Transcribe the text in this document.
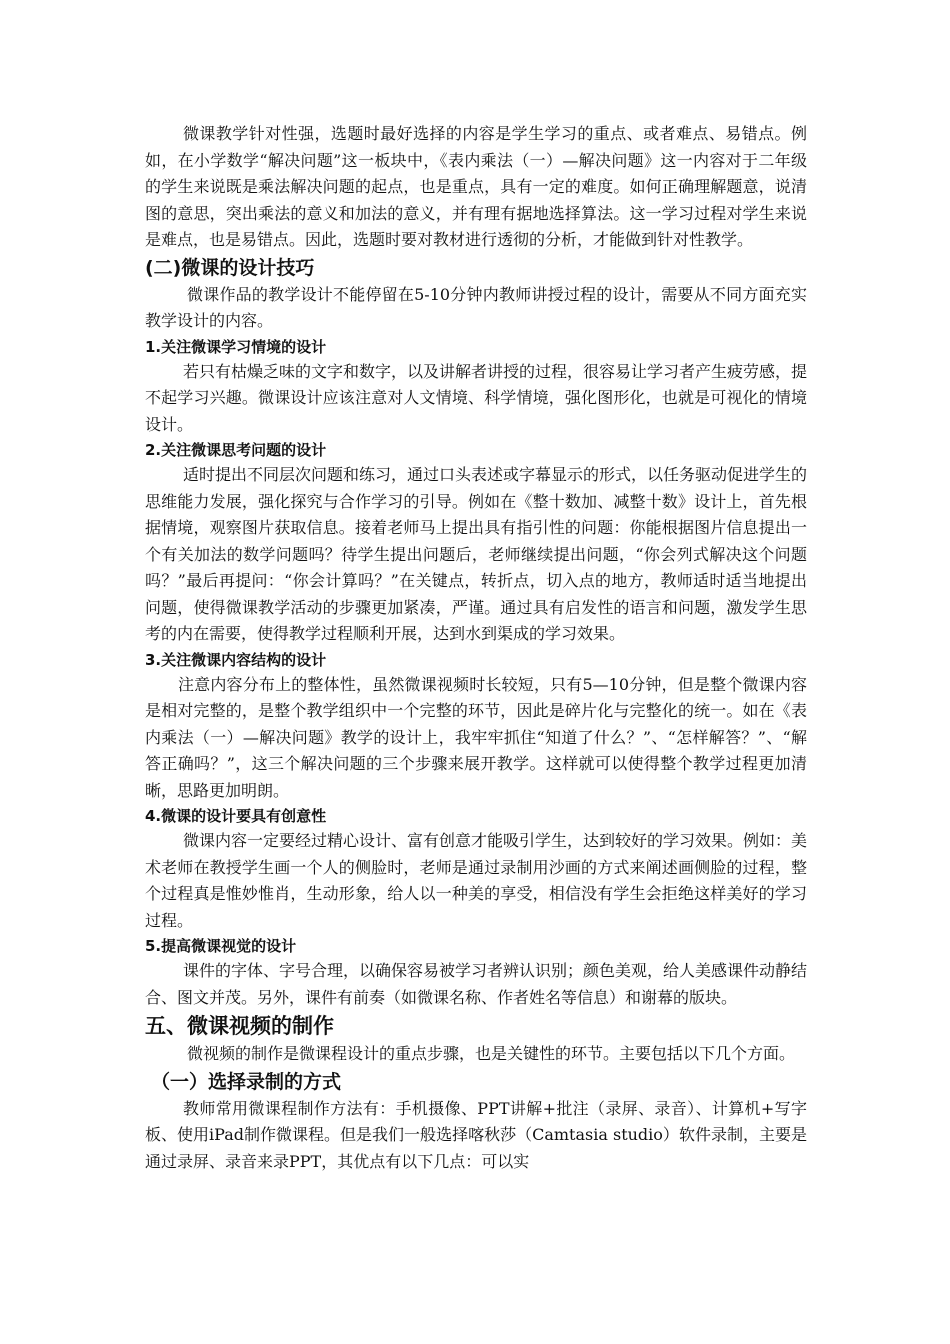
微课教学针对性强，选题时最好选择的内容是学生学习的重点、或者难点、易错点。例如，在小学数学“解决问题”这一板块中，《表内乘法（一）—解决问题》这一内容对于二年级的学生来说既是乘法解决问题的起点，也是重点，具有一定的难度。如何正确理解题意，说清图的意思，突出乘法的意义和加法的意义，并有理有据地选择算法。这一学习过程对学生来说是难点，也是易错点。因此，选题时要对教材进行透彻的分析，才能做到针对性教学。

(二)微课的设计技巧

微课作品的教学设计不能停留在5-10分钟内教师讲授过程的设计，需要从不同方面充实教学设计的内容。

1.关注微课学习情境的设计

若只有枯燥乏味的文字和数字，以及讲解者讲授的过程，很容易让学习者产生疲劳感，提不起学习兴趣。微课设计应该注意对人文情境、科学情境，强化图形化，也就是可视化的情境设计。

2.关注微课思考问题的设计

适时提出不同层次问题和练习，通过口头表述或字幕显示的形式，以任务驱动促进学生的思维能力发展，强化探究与合作学习的引导。例如在《整十数加、减整十数》设计上，首先根据情境，观察图片获取信息。接着老师马上提出具有指引性的问题：你能根据图片信息提出一个有关加法的数学问题吗？待学生提出问题后，老师继续提出问题，“你会列式解决这个问题吗？”最后再提问：“你会计算吗？”在关键点，转折点，切入点的地方，教师适时适当地提出问题，使得微课教学活动的步骤更加紧凑，严谨。通过具有启发性的语言和问题，激发学生思考的内在需要，使得教学过程顺利开展，达到水到渠成的学习效果。

3.关注微课内容结构的设计

注意内容分布上的整体性，虽然微课视频时长较短，只有5—10分钟，但是整个微课内容是相对完整的，是整个教学组织中一个完整的环节，因此是碎片化与完整化的统一。如在《表内乘法（一）—解决问题》教学的设计上，我牢牢抓住“知道了什么？”、“怎样解答？”、“解答正确吗？”，这三个解决问题的三个步骤来展开教学。这样就可以使得整个教学过程更加清晰，思路更加明朗。

4.微课的设计要具有创意性

微课内容一定要经过精心设计、富有创意才能吸引学生，达到较好的学习效果。例如：美术老师在教授学生画一个人的侧脸时，老师是通过录制用沙画的方式来阐述画侧脸的过程，整个过程真是惟妙惟肖，生动形象，给人以一种美的享受，相信没有学生会拒绝这样美好的学习过程。

5.提高微课视觉的设计

课件的字体、字号合理，以确保容易被学习者辨认识别；颜色美观，给人美感课件动静结合、图文并茂。另外，课件有前奏（如微课名称、作者姓名等信息）和谢幕的版块。

五、微课视频的制作

微视频的制作是微课程设计的重点步骤，也是关键性的环节。主要包括以下几个方面。

（一）选择录制的方式

教师常用微课程制作方法有：手机摄像、PPT讲解+批注（录屏、录音）、计算机+写字板、使用iPad制作微课程。但是我们一般选择喀秋莎（Camtasia studio）软件录制，主要是通过录屏、录音来录PPT，其优点有以下几点：可以实
